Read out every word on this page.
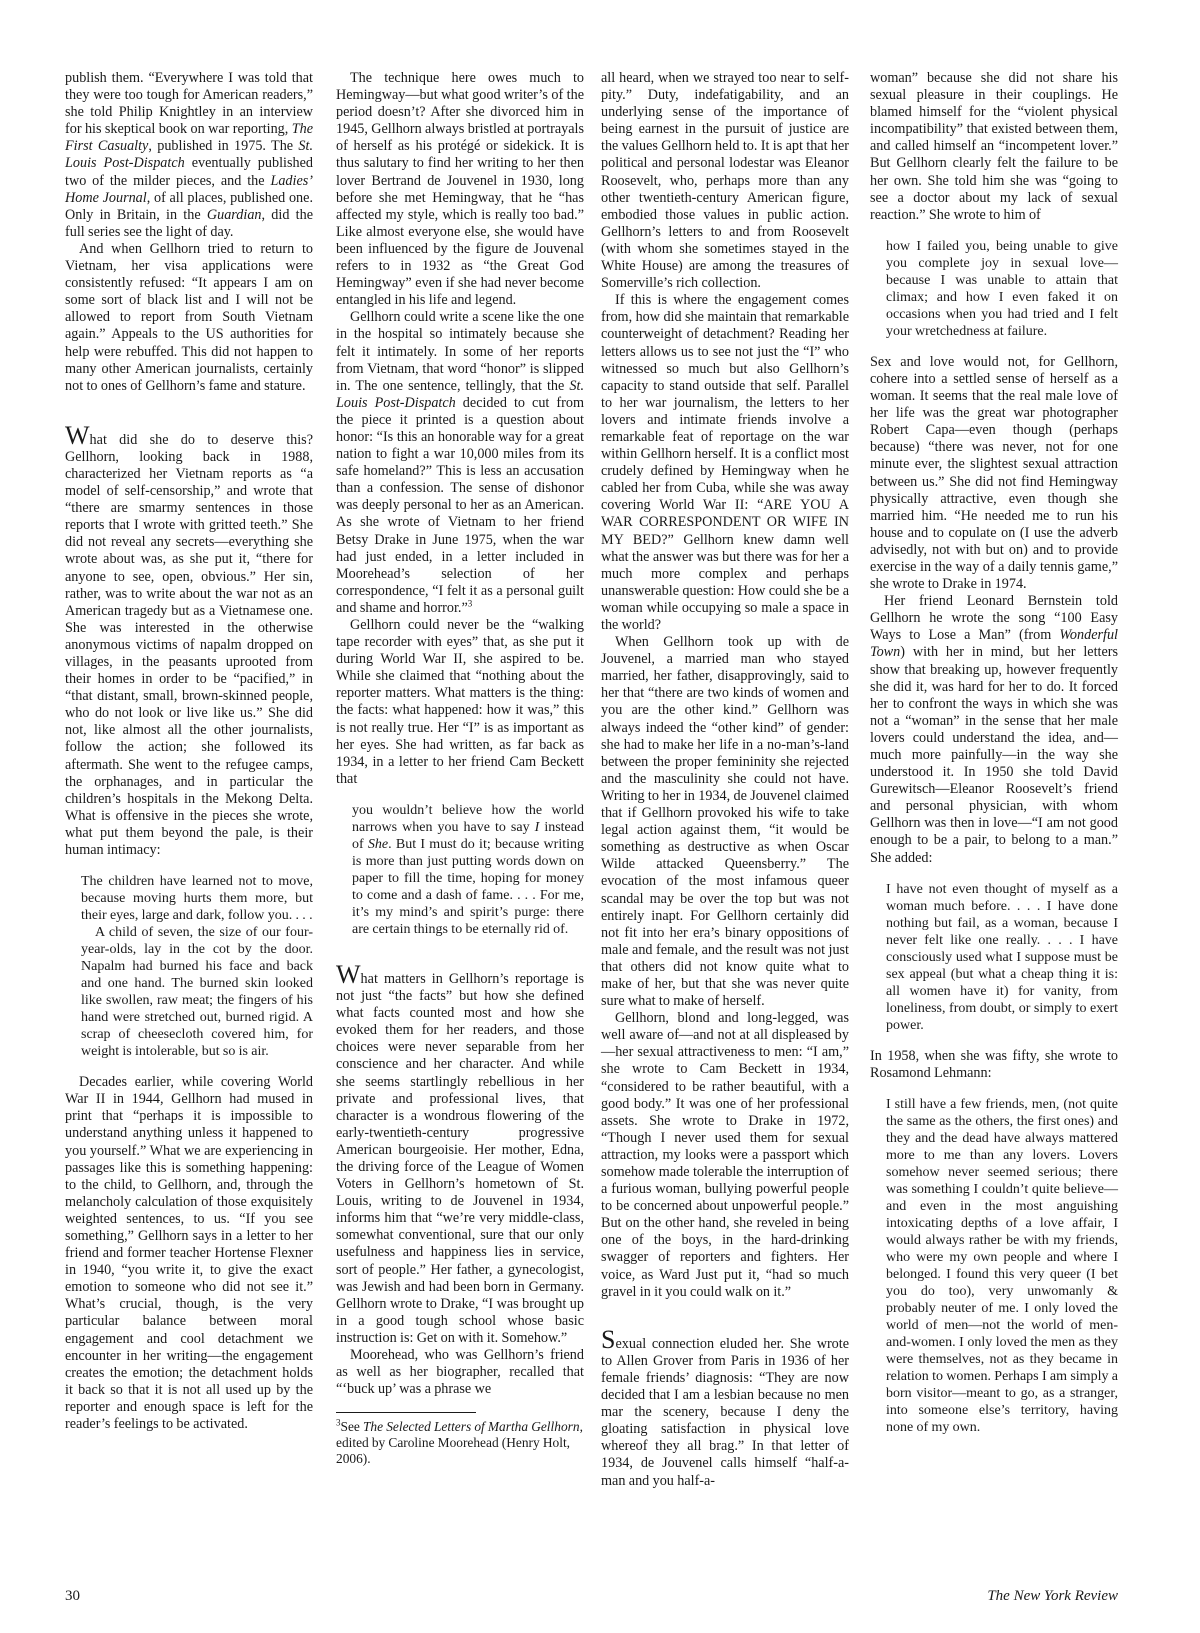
publish them. “Everywhere I was told that they were too tough for American readers,” she told Philip Knightley in an interview for his skeptical book on war reporting, The First Casualty, published in 1975. The St. Louis Post-Dispatch eventually published two of the milder pieces, and the Ladies’ Home Journal, of all places, published one. Only in Britain, in the Guardian, did the full series see the light of day.

And when Gellhorn tried to return to Vietnam, her visa applications were consistently refused: “It appears I am on some sort of black list and I will not be allowed to report from South Vietnam again.” Appeals to the US authorities for help were rebuffed. This did not happen to many other American journalists, certainly not to ones of Gellhorn’s fame and stature.

What did she do to deserve this? Gellhorn, looking back in 1988, characterized her Vietnam reports as “a model of self-censorship,” and wrote that “there are smarmy sentences in those reports that I wrote with gritted teeth.” She did not reveal any secrets—everything she wrote about was, as she put it, “there for anyone to see, open, obvious.” Her sin, rather, was to write about the war not as an American tragedy but as a Vietnamese one. She was interested in the otherwise anonymous victims of napalm dropped on villages, in the peasants uprooted from their homes in order to be “pacified,” in “that distant, small, brown-skinned people, who do not look or live like us.” She did not, like almost all the other journalists, follow the action; she followed its aftermath. She went to the refugee camps, the orphanages, and in particular the children’s hospitals in the Mekong Delta. What is offensive in the pieces she wrote, what put them beyond the pale, is their human intimacy:

The children have learned not to move, because moving hurts them more, but their eyes, large and dark, follow you. . . .

A child of seven, the size of our four-year-olds, lay in the cot by the door. Napalm had burned his face and back and one hand. The burned skin looked like swollen, raw meat; the fingers of his hand were stretched out, burned rigid. A scrap of cheesecloth covered him, for weight is intolerable, but so is air.

Decades earlier, while covering World War II in 1944, Gellhorn had mused in print that “perhaps it is impossible to understand anything unless it happened to you yourself.” What we are experiencing in passages like this is something happening: to the child, to Gellhorn, and, through the melancholy calculation of those exquisitely weighted sentences, to us. “If you see something,” Gellhorn says in a letter to her friend and former teacher Hortense Flexner in 1940, “you write it, to give the exact emotion to someone who did not see it.” What’s crucial, though, is the very particular balance between moral engagement and cool detachment we encounter in her writing—the engagement creates the emotion; the detachment holds it back so that it is not all used up by the reporter and enough space is left for the reader’s feelings to be activated.

The technique here owes much to Hemingway—but what good writer’s of the period doesn’t? After she divorced him in 1945, Gellhorn always bristled at portrayals of herself as his protégé or sidekick. It is thus salutary to find her writing to her then lover Bertrand de Jouvenel in 1930, long before she met Hemingway, that he “has affected my style, which is really too bad.” Like almost everyone else, she would have been influenced by the figure de Jouvenal refers to in 1932 as “the Great God Hemingway” even if she had never become entangled in his life and legend.

Gellhorn could write a scene like the one in the hospital so intimately because she felt it intimately. In some of her reports from Vietnam, that word “honor” is slipped in. The one sentence, tellingly, that the St. Louis Post-Dispatch decided to cut from the piece it printed is a question about honor: “Is this an honorable way for a great nation to fight a war 10,000 miles from its safe homeland?” This is less an accusation than a confession. The sense of dishonor was deeply personal to her as an American. As she wrote of Vietnam to her friend Betsy Drake in June 1975, when the war had just ended, in a letter included in Moorehead’s selection of her correspondence, “I felt it as a personal guilt and shame and horror.”$^3$

Gellhorn could never be the “walking tape recorder with eyes” that, as she put it during World War II, she aspired to be. While she claimed that “nothing about the reporter matters. What matters is the thing: the facts: what happened: how it was,” this is not really true. Her “I” is as important as her eyes. She had written, as far back as 1934, in a letter to her friend Cam Beckett that

you wouldn’t believe how the world narrows when you have to say I instead of She. But I must do it; because writing is more than just putting words down on paper to fill the time, hoping for money to come and a dash of fame. . . . For me, it’s my mind’s and spirit’s purge: there are certain things to be eternally rid of.

What matters in Gellhorn’s reportage is not just “the facts” but how she defined what facts counted most and how she evoked them for her readers, and those choices were never separable from her conscience and her character. And while she seems startlingly rebellious in her private and professional lives, that character is a wondrous flowering of the early-twentieth-century progressive American bourgeoisie. Her mother, Edna, the driving force of the League of Women Voters in Gellhorn’s hometown of St. Louis, writing to de Jouvenel in 1934, informs him that “we’re very middle-class, somewhat conventional, sure that our only usefulness and happiness lies in service, sort of people.” Her father, a gynecologist, was Jewish and had been born in Germany. Gellhorn wrote to Drake, “I was brought up in a good tough school whose basic instruction is: Get on with it. Somehow.”

Moorehead, who was Gellhorn’s friend as well as her biographer, recalled that “‘buck up’ was a phrase we

$^3$See The Selected Letters of Martha Gellhorn, edited by Caroline Moorehead (Henry Holt, 2006).

all heard, when we strayed too near to self-pity.” Duty, indefatigability, and an underlying sense of the importance of being earnest in the pursuit of justice are the values Gellhorn held to. It is apt that her political and personal lodestar was Eleanor Roosevelt, who, perhaps more than any other twentieth-century American figure, embodied those values in public action. Gellhorn’s letters to and from Roosevelt (with whom she sometimes stayed in the White House) are among the treasures of Somerville’s rich collection.

If this is where the engagement comes from, how did she maintain that remarkable counterweight of detachment? Reading her letters allows us to see not just the “I” who witnessed so much but also Gellhorn’s capacity to stand outside that self. Parallel to her war journalism, the letters to her lovers and intimate friends involve a remarkable feat of reportage on the war within Gellhorn herself. It is a conflict most crudely defined by Hemingway when he cabled her from Cuba, while she was away covering World War II: “ARE YOU A WAR CORRESPONDENT OR WIFE IN MY BED?” Gellhorn knew damn well what the answer was but there was for her a much more complex and perhaps unanswerable question: How could she be a woman while occupying so male a space in the world?

When Gellhorn took up with de Jouvenel, a married man who stayed married, her father, disapprovingly, said to her that “there are two kinds of women and you are the other kind.” Gellhorn was always indeed the “other kind” of gender: she had to make her life in a no-man’s-land between the proper femininity she rejected and the masculinity she could not have. Writing to her in 1934, de Jouvenel claimed that if Gellhorn provoked his wife to take legal action against them, “it would be something as destructive as when Oscar Wilde attacked Queensberry.” The evocation of the most infamous queer scandal may be over the top but was not entirely inapt. For Gellhorn certainly did not fit into her era’s binary oppositions of male and female, and the result was not just that others did not know quite what to make of her, but that she was never quite sure what to make of herself.

Gellhorn, blond and long-legged, was well aware of—and not at all displeased by—her sexual attractiveness to men: “I am,” she wrote to Cam Beckett in 1934, “considered to be rather beautiful, with a good body.” It was one of her professional assets. She wrote to Drake in 1972, “Though I never used them for sexual attraction, my looks were a passport which somehow made tolerable the interruption of a furious woman, bullying powerful people to be concerned about unpowerful people.” But on the other hand, she reveled in being one of the boys, in the hard-drinking swagger of reporters and fighters. Her voice, as Ward Just put it, “had so much gravel in it you could walk on it.”

Sexual connection eluded her. She wrote to Allen Grover from Paris in 1936 of her female friends’ diagnosis: “They are now decided that I am a lesbian because no men mar the scenery, because I deny the gloating satisfaction in physical love whereof they all brag.” In that letter of 1934, de Jouvenel calls himself “half-a-man and you half-a-

woman” because she did not share his sexual pleasure in their couplings. He blamed himself for the “violent physical incompatibility” that existed between them, and called himself an “incompetent lover.” But Gellhorn clearly felt the failure to be her own. She told him she was “going to see a doctor about my lack of sexual reaction.” She wrote to him of

how I failed you, being unable to give you complete joy in sexual love—because I was unable to attain that climax; and how I even faked it on occasions when you had tried and I felt your wretchedness at failure.

Sex and love would not, for Gellhorn, cohere into a settled sense of herself as a woman. It seems that the real male love of her life was the great war photographer Robert Capa—even though (perhaps because) “there was never, not for one minute ever, the slightest sexual attraction between us.” She did not find Hemingway physically attractive, even though she married him. “He needed me to run his house and to copulate on (I use the adverb advisedly, not with but on) and to provide exercise in the way of a daily tennis game,” she wrote to Drake in 1974.

Her friend Leonard Bernstein told Gellhorn he wrote the song “100 Easy Ways to Lose a Man” (from Wonderful Town) with her in mind, but her letters show that breaking up, however frequently she did it, was hard for her to do. It forced her to confront the ways in which she was not a “woman” in the sense that her male lovers could understand the idea, and—much more painfully—in the way she understood it. In 1950 she told David Gurewitsch—Eleanor Roosevelt’s friend and personal physician, with whom Gellhorn was then in love—“I am not good enough to be a pair, to belong to a man.” She added:

I have not even thought of myself as a woman much before. . . . I have done nothing but fail, as a woman, because I never felt like one really. . . . I have consciously used what I suppose must be sex appeal (but what a cheap thing it is: all women have it) for vanity, from loneliness, from doubt, or simply to exert power.

In 1958, when she was fifty, she wrote to Rosamond Lehmann:

I still have a few friends, men, (not quite the same as the others, the first ones) and they and the dead have always mattered more to me than any lovers. Lovers somehow never seemed serious; there was something I couldn’t quite believe—and even in the most anguishing intoxicating depths of a love affair, I would always rather be with my friends, who were my own people and where I belonged. I found this very queer (I bet you do too), very unwomanly & probably neuter of me. I only loved the world of men—not the world of men-and-women. I only loved the men as they were themselves, not as they became in relation to women. Perhaps I am simply a born visitor—meant to go, as a stranger, into someone else’s territory, having none of my own.

30	The New York Review
